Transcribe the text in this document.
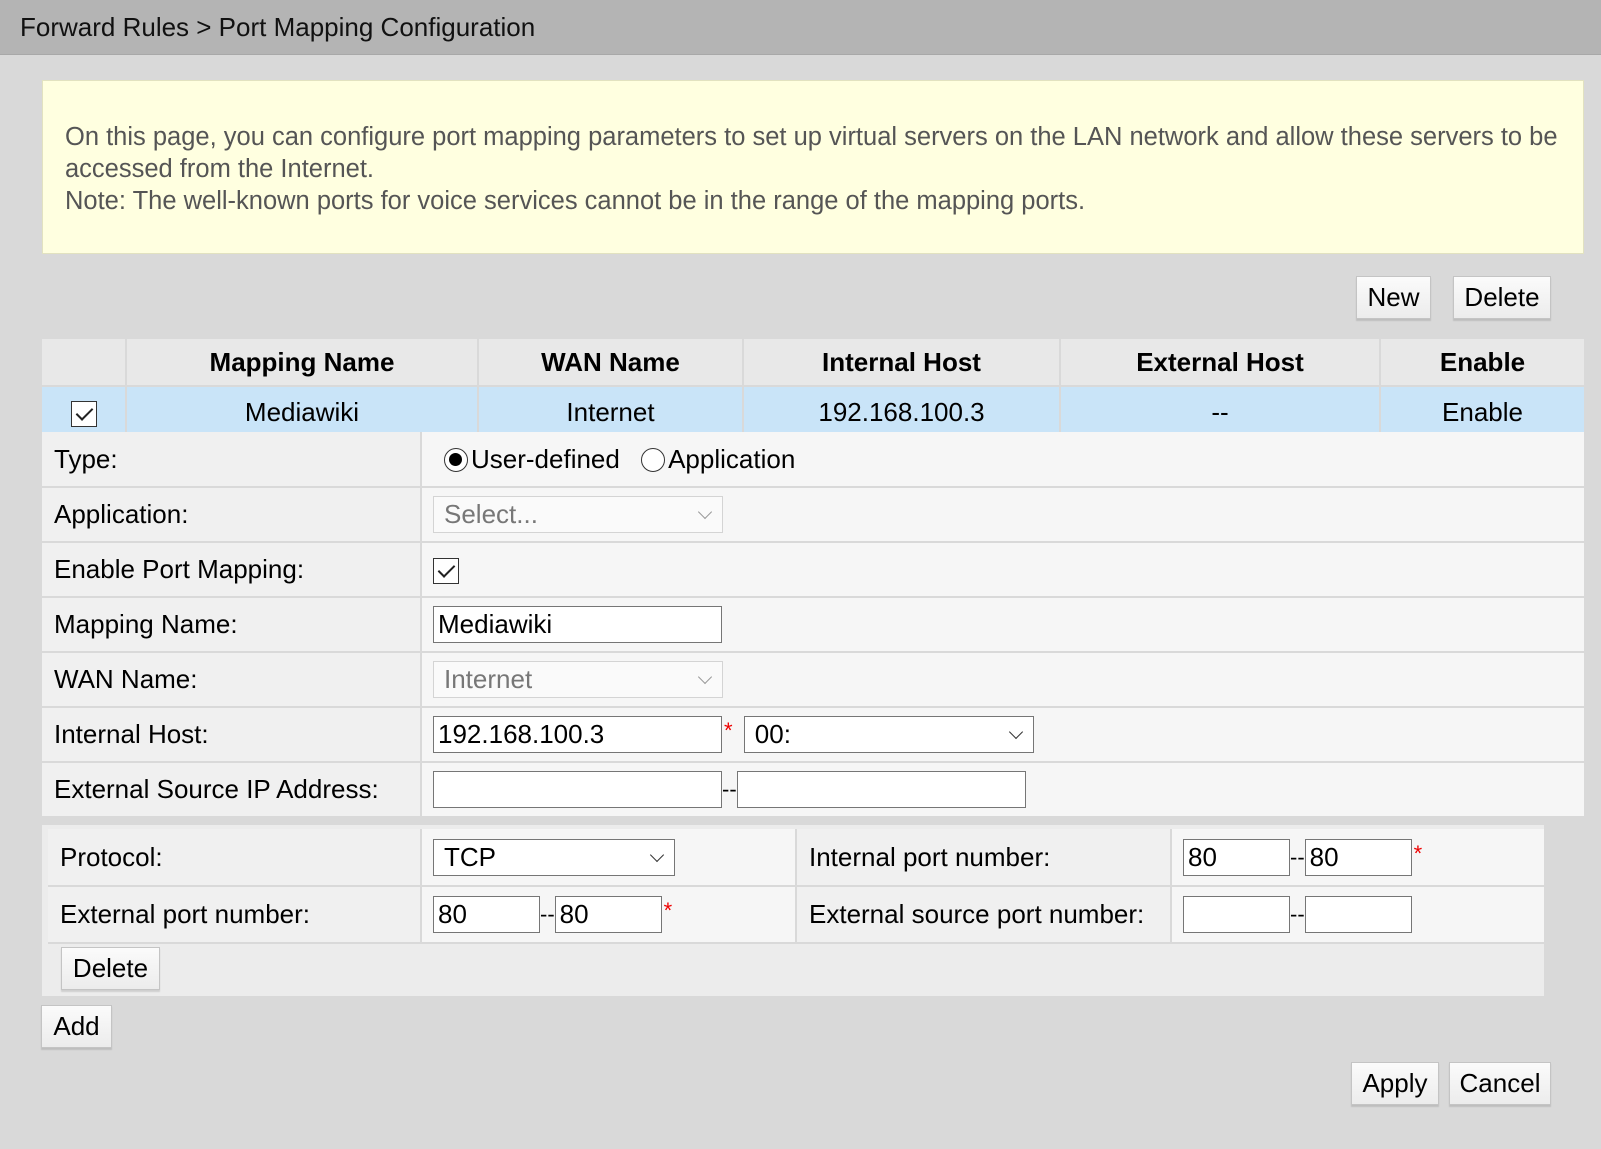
Forward Rules > Port Mapping Configuration

On this page, you can configure port mapping parameters to set up virtual servers on the LAN network and allow these servers to be accessed from the Internet.

Note: The well-known ports for voice services cannot be in the range of the mapping ports.

New	Delete
	Mapping Name	WAN Name	Internal Host	External Host	Enable
	Mediawiki	Internet	192.168.100.3	--	Enable
Type:	User-defined Application
Application:	Select...

Enable Port Mapping:	
Mapping Name:	Mediawiki
WAN Name:	Internet

Internal Host:	192.168.100.3 * 00:

External Source IP Address:	--
Protocol:	TCP	Internal port number:	80 -- 80 *
External port number:	80 -- 80 *	External source port number:	--
Delete
Add
Apply	Cancel
